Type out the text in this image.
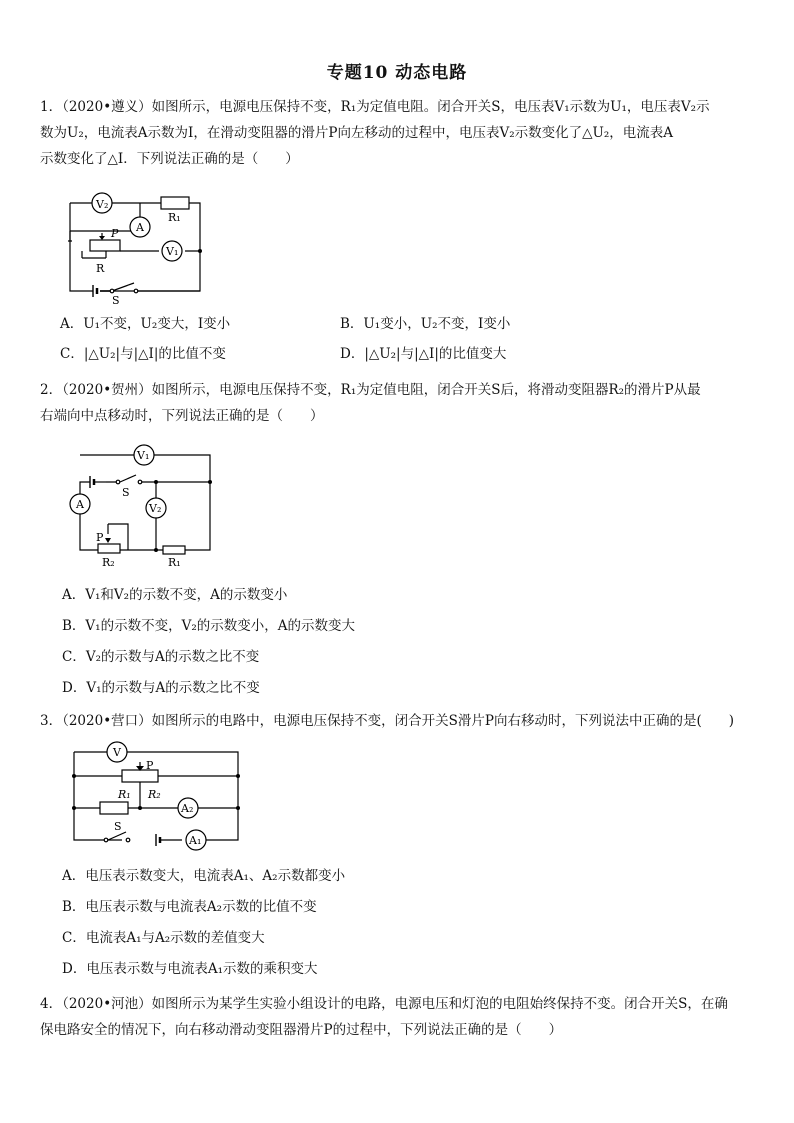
专题10 动态电路
1．（2020•遵义）如图所示，电源电压保持不变，R₁为定值电阻。闭合开关S，电压表V₁示数为U₁，电压表V₂示
数为U₂，电流表A示数为I，在滑动变阻器的滑片P向左移动的过程中，电压表V₂示数变化了△U₂，电流表A
示数变化了△I．下列说法正确的是（　　）
V₂
R₁
A
P
V₁
R
S
A．U₁不变，U₂变大，I变小	B．U₁变小，U₂不变，I变小
C．|△U₂|与|△I|的比值不变	D．|△U₂|与|△I|的比值变大
2．（2020•贺州）如图所示，电源电压保持不变，R₁为定值电阻，闭合开关S后，将滑动变阻器R₂的滑片P从最
右端向中点移动时，下列说法正确的是（　　）
V₁
S
A	V₂
P
R₂	R₁
A．V₁和V₂的示数不变，A的示数变小
B．V₁的示数不变，V₂的示数变小，A的示数变大
C．V₂的示数与A的示数之比不变
D．V₁的示数与A的示数之比不变
3．（2020•营口）如图所示的电路中，电源电压保持不变，闭合开关S滑片P向右移动时，下列说法中正确的是(　　)
V
P
R₁ R₂
A₂
S
A₁
A．电压表示数变大，电流表A₁、A₂示数都变小
B．电压表示数与电流表A₂示数的比值不变
C．电流表A₁与A₂示数的差值变大
D．电压表示数与电流表A₁示数的乘积变大
4．（2020•河池）如图所示为某学生实验小组设计的电路，电源电压和灯泡的电阻始终保持不变。闭合开关S，在确
保电路安全的情况下，向右移动滑动变阻器滑片P的过程中，下列说法正确的是（　　）
